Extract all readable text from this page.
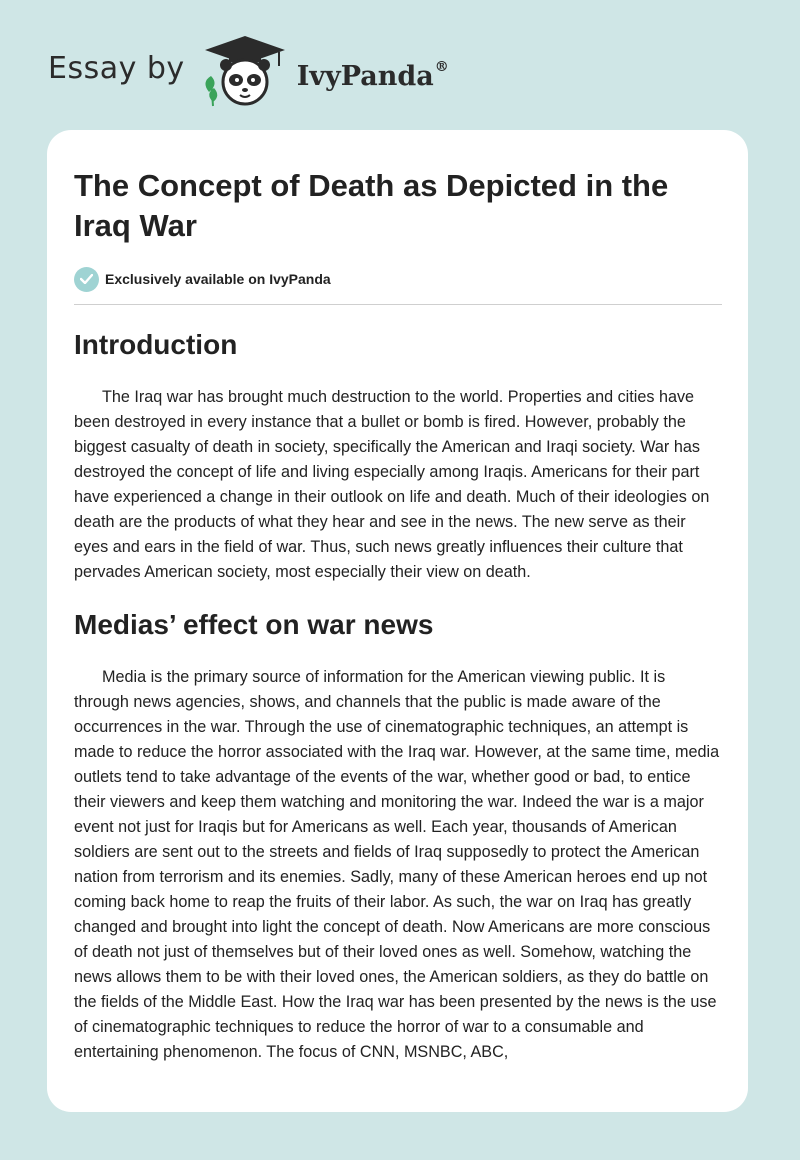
Essay by	IvyPanda®
The Concept of Death as Depicted in the Iraq War
Exclusively available on IvyPanda
Introduction

The Iraq war has brought much destruction to the world. Properties and cities have been destroyed in every instance that a bullet or bomb is fired. However, probably the biggest casualty of death in society, specifically the American and Iraqi society. War has destroyed the concept of life and living especially among Iraqis. Americans for their part have experienced a change in their outlook on life and death. Much of their ideologies on death are the products of what they hear and see in the news. The new serve as their eyes and ears in the field of war. Thus, such news greatly influences their culture that pervades American society, most especially their view on death.

Medias’ effect on war news

Media is the primary source of information for the American viewing public. It is through news agencies, shows, and channels that the public is made aware of the occurrences in the war. Through the use of cinematographic techniques, an attempt is made to reduce the horror associated with the Iraq war. However, at the same time, media outlets tend to take advantage of the events of the war, whether good or bad, to entice their viewers and keep them watching and monitoring the war. Indeed the war is a major event not just for Iraqis but for Americans as well. Each year, thousands of American soldiers are sent out to the streets and fields of Iraq supposedly to protect the American nation from terrorism and its enemies. Sadly, many of these American heroes end up not coming back home to reap the fruits of their labor. As such, the war on Iraq has greatly changed and brought into light the concept of death. Now Americans are more conscious of death not just of themselves but of their loved ones as well. Somehow, watching the news allows them to be with their loved ones, the American soldiers, as they do battle on the fields of the Middle East. How the Iraq war has been presented by the news is the use of cinematographic techniques to reduce the horror of war to a consumable and entertaining phenomenon. The focus of CNN, MSNBC, ABC,
